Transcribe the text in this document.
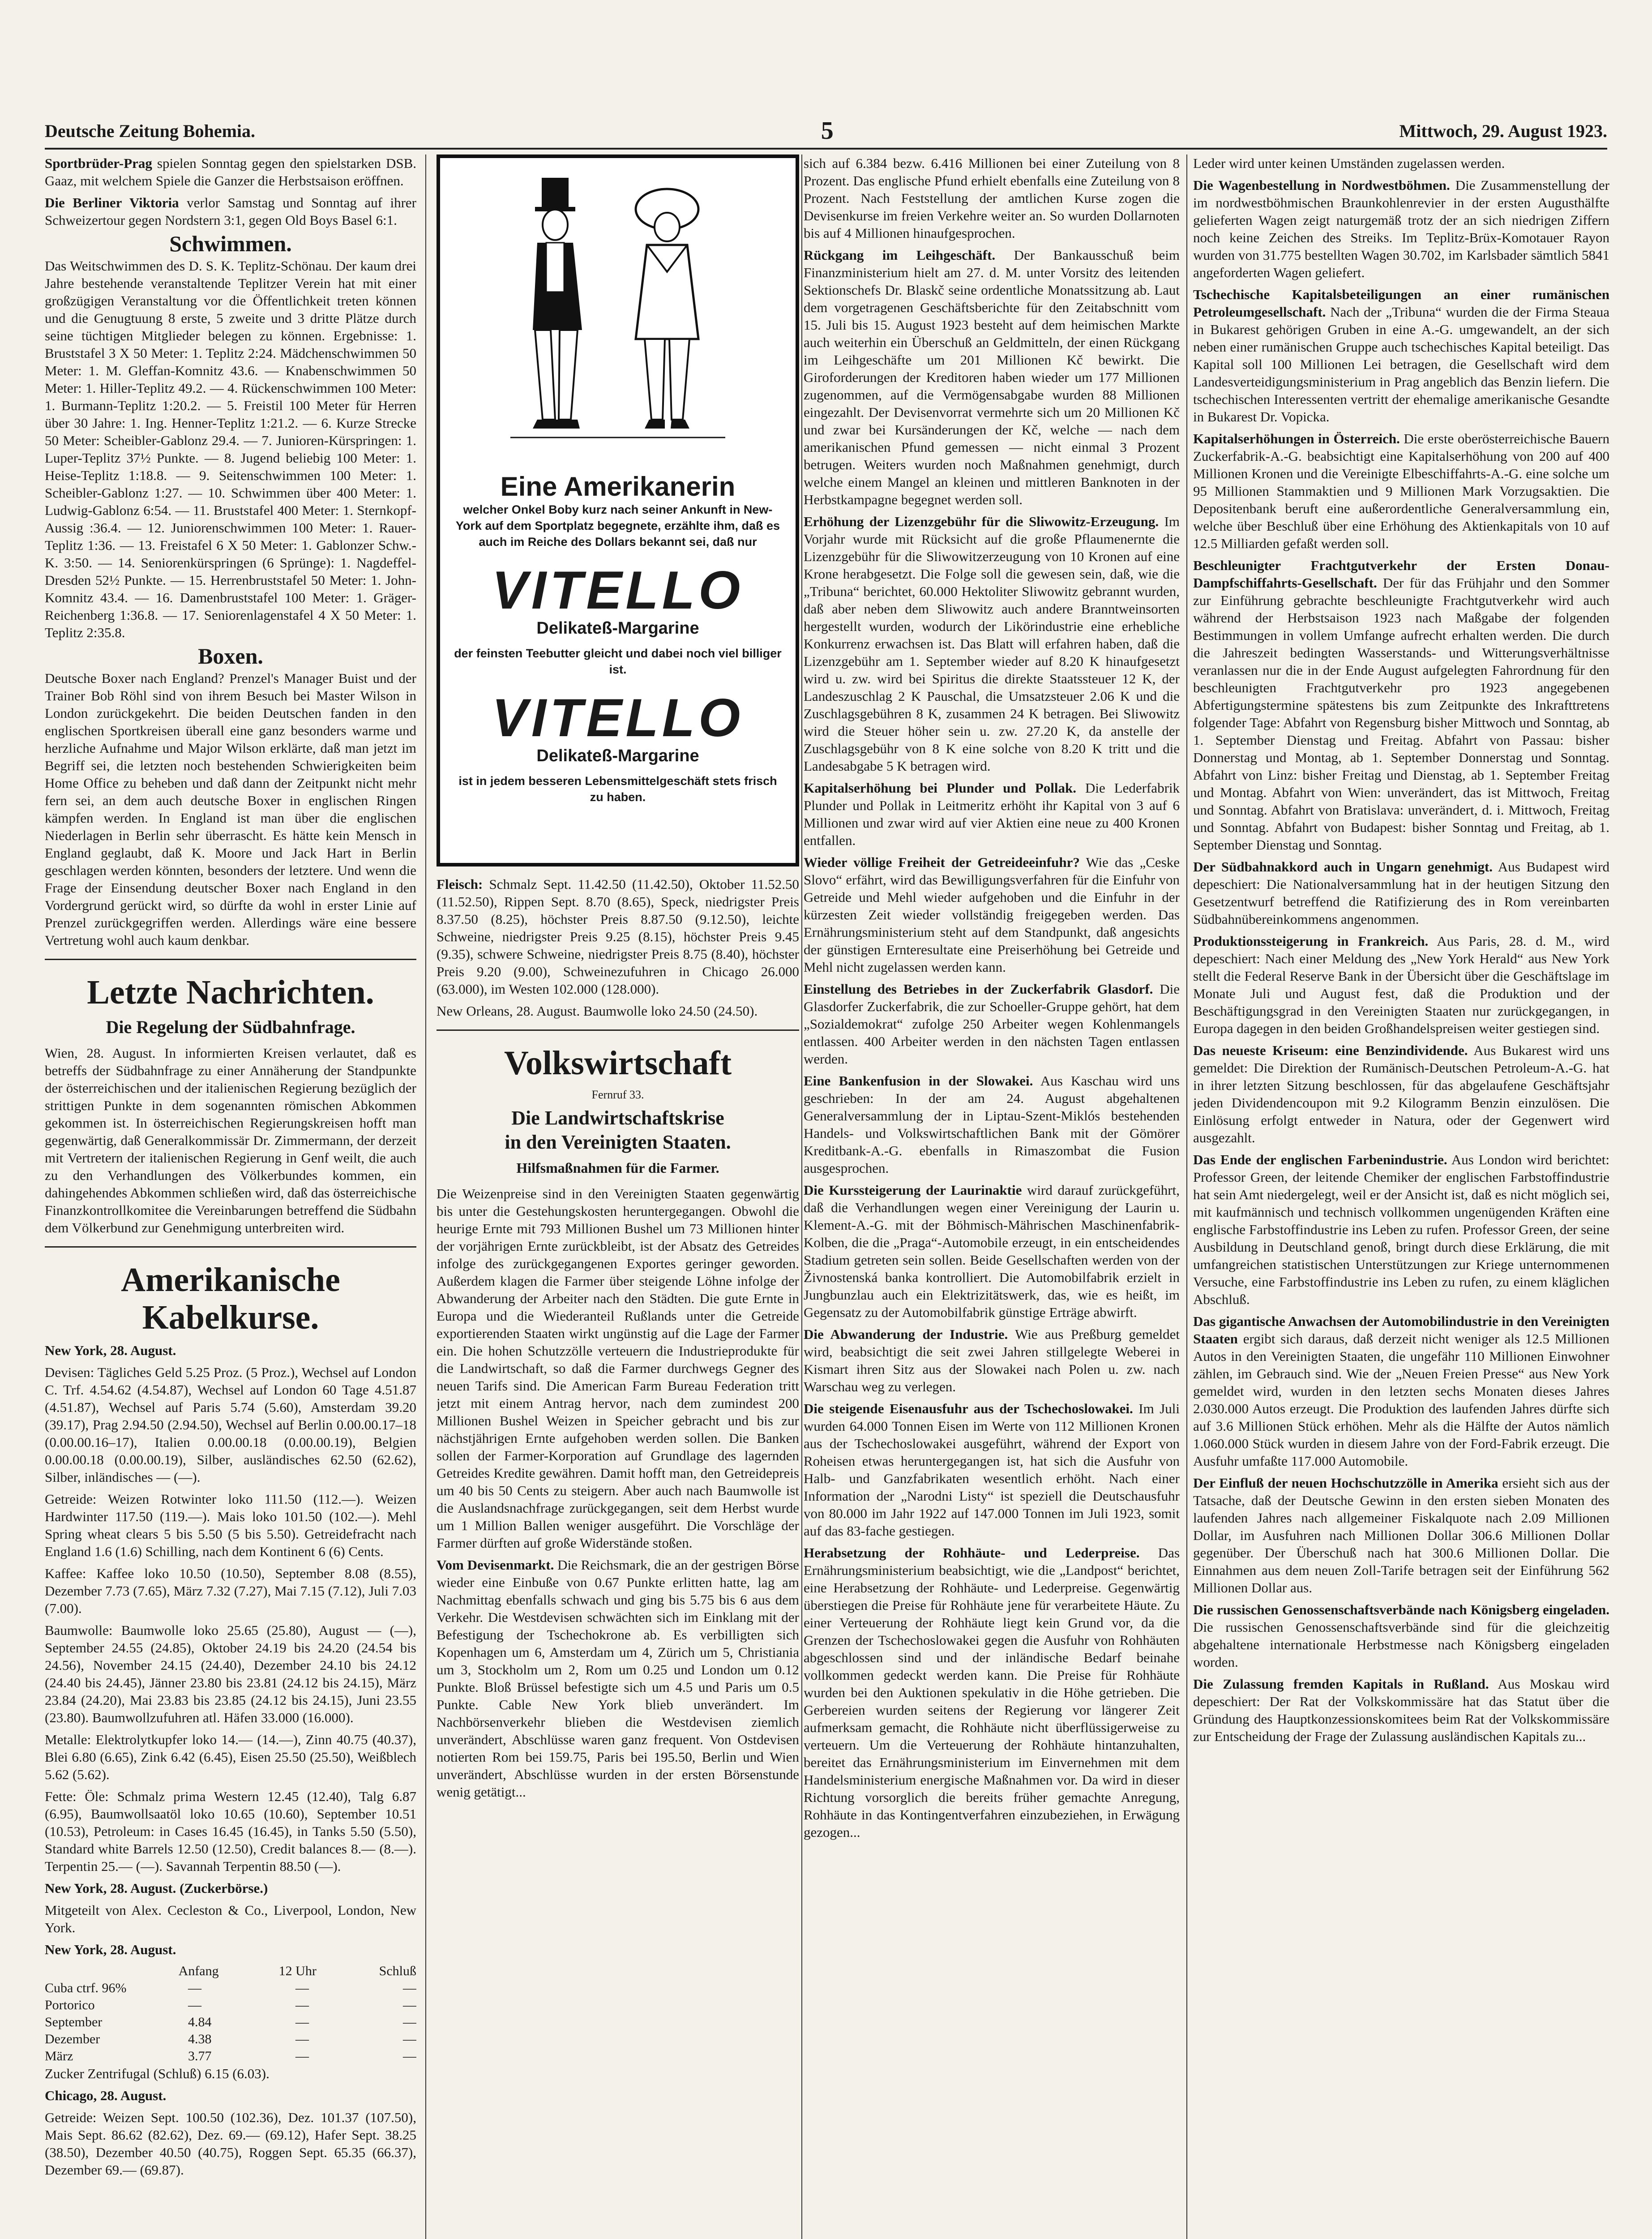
Deutsche Zeitung Bohemia.	5	Mittwoch, 29. August 1923.

Sportbrüder-Prag spielen Sonntag gegen den spielstarken DSB. Gaaz, mit welchem Spiele die Ganzer die Herbstsaison eröffnen.

Die Berliner Viktoria verlor Samstag und Sonntag auf ihrer Schweizertour gegen Nordstern 3:1, gegen Old Boys Basel 6:1.

Schwimmen.

Das Weitschwimmen des D. S. K. Teplitz-Schönau. Der kaum drei Jahre bestehende veranstaltende Teplitzer Verein hat mit einer großzügigen Veranstaltung vor die Öffentlichkeit treten können und die Genugtuung 8 erste, 5 zweite und 3 dritte Plätze durch seine tüchtigen Mitglieder belegen zu können. Ergebnisse: 1. Bruststafel 3 X 50 Meter: 1. Teplitz 2:24. Mädchenschwimmen 50 Meter: 1. M. Gleffan-Komnitz 43.6. — Knabenschwimmen 50 Meter: 1. Hiller-Teplitz 49.2. — 4. Rückenschwimmen 100 Meter: 1. Burmann-Teplitz 1:20.2. — 5. Freistil 100 Meter für Herren über 30 Jahre: 1. Ing. Henner-Teplitz 1:21.2. — 6. Kurze Strecke 50 Meter: Scheibler-Gablonz 29.4. — 7. Junioren-Kürspringen: 1. Luper-Teplitz 37½ Punkte. — 8. Jugend beliebig 100 Meter: 1. Heise-Teplitz 1:18.8. — 9. Seitenschwimmen 100 Meter: 1. Scheibler-Gablonz 1:27. — 10. Schwimmen über 400 Meter: 1. Ludwig-Gablonz 6:54. — 11. Bruststafel 400 Meter: 1. Sternkopf-Aussig :36.4. — 12. Juniorenschwimmen 100 Meter: 1. Rauer-Teplitz 1:36. — 13. Freistafel 6 X 50 Meter: 1. Gablonzer Schw.-K. 3:50. — 14. Seniorenkürspringen (6 Sprünge): 1. Nagdeffel-Dresden 52½ Punkte. — 15. Herrenbruststafel 50 Meter: 1. John-Komnitz 43.4. — 16. Damenbruststafel 100 Meter: 1. Gräger-Reichenberg 1:36.8. — 17. Seniorenlagenstafel 4 X 50 Meter: 1. Teplitz 2:35.8.

Boxen.

Deutsche Boxer nach England? Prenzel's Manager Buist und der Trainer Bob Röhl sind von ihrem Besuch bei Master Wilson in London zurückgekehrt. Die beiden Deutschen fanden in den englischen Sportkreisen überall eine ganz besonders warme und herzliche Aufnahme und Major Wilson erklärte, daß man jetzt im Begriff sei, die letzten noch bestehenden Schwierigkeiten beim Home Office zu beheben und daß dann der Zeitpunkt nicht mehr fern sei, an dem auch deutsche Boxer in englischen Ringen kämpfen werden. In England ist man über die englischen Niederlagen in Berlin sehr überrascht. Es hätte kein Mensch in England geglaubt, daß K. Moore und Jack Hart in Berlin geschlagen werden könnten, besonders der letztere. Und wenn die Frage der Einsendung deutscher Boxer nach England in den Vordergrund gerückt wird, so dürfte da wohl in erster Linie auf Prenzel zurückgegriffen werden. Allerdings wäre eine bessere Vertretung wohl auch kaum denkbar.

Letzte Nachrichten.
Die Regelung der Südbahnfrage.

Wien, 28. August. In informierten Kreisen verlautet, daß es betreffs der Südbahnfrage zu einer Annäherung der Standpunkte der österreichischen und der italienischen Regierung bezüglich der strittigen Punkte in dem sogenannten römischen Abkommen gekommen ist. In österreichischen Regierungskreisen hofft man gegenwärtig, daß Generalkommissär Dr. Zimmermann, der derzeit mit Vertretern der italienischen Regierung in Genf weilt, die auch zu den Verhandlungen des Völkerbundes kommen, ein dahingehendes Abkommen schließen wird, daß das österreichische Finanzkontrollkomitee die Vereinbarungen betreffend die Südbahn dem Völkerbund zur Genehmigung unterbreiten wird.

Amerikanische Kabelkurse.

New York, 28. August.

Devisen: Tägliches Geld 5.25 Proz. (5 Proz.), Wechsel auf London C. Trf. 4.54.62 (4.54.87), Wechsel auf London 60 Tage 4.51.87 (4.51.87), Wechsel auf Paris 5.74 (5.60), Amsterdam 39.20 (39.17), Prag 2.94.50 (2.94.50), Wechsel auf Berlin 0.00.00.17–18 (0.00.00.16–17), Italien 0.00.00.18 (0.00.00.19), Belgien 0.00.00.18 (0.00.00.19), Silber, ausländisches 62.50 (62.62), Silber, inländisches — (—).

Getreide: Weizen Rotwinter loko 111.50 (112.—). Weizen Hardwinter 117.50 (119.—). Mais loko 101.50 (102.—). Mehl Spring wheat clears 5 bis 5.50 (5 bis 5.50). Getreidefracht nach England 1.6 (1.6) Schilling, nach dem Kontinent 6 (6) Cents.

Kaffee: Kaffee loko 10.50 (10.50), September 8.08 (8.55), Dezember 7.73 (7.65), März 7.32 (7.27), Mai 7.15 (7.12), Juli 7.03 (7.00).

Baumwolle: Baumwolle loko 25.65 (25.80), August — (—), September 24.55 (24.85), Oktober 24.19 bis 24.20 (24.54 bis 24.56), November 24.15 (24.40), Dezember 24.10 bis 24.12 (24.40 bis 24.45), Jänner 23.80 bis 23.81 (24.12 bis 24.15), März 23.84 (24.20), Mai 23.83 bis 23.85 (24.12 bis 24.15), Juni 23.55 (23.80). Baumwollzufuhren atl. Häfen 33.000 (16.000).

Metalle: Elektrolytkupfer loko 14.— (14.—), Zinn 40.75 (40.37), Blei 6.80 (6.65), Zink 6.42 (6.45), Eisen 25.50 (25.50), Weißblech 5.62 (5.62).

Fette: Öle: Schmalz prima Western 12.45 (12.40), Talg 6.87 (6.95), Baumwollsaatöl loko 10.65 (10.60), September 10.51 (10.53), Petroleum: in Cases 16.45 (16.45), in Tanks 5.50 (5.50), Standard white Barrels 12.50 (12.50), Credit balances 8.— (8.—). Terpentin 25.— (—). Savannah Terpentin 88.50 (—).

New York, 28. August. (Zuckerbörse.)

Mitgeteilt von Alex. Cecleston & Co., Liverpool, London, New York.

New York, 28. August.

Anfang	12 Uhr	Schluß
Cuba ctrf. 96%	—	—	—
Portorico	—	—	—
September	4.84	—	—
Dezember	4.38	—	—
März	3.77	—	—

Zucker Zentrifugal (Schluß) 6.15 (6.03).

Chicago, 28. August.

Getreide: Weizen Sept. 100.50 (102.36), Dez. 101.37 (107.50), Mais Sept. 86.62 (82.62), Dez. 69.— (69.12), Hafer Sept. 38.25 (38.50), Dezember 40.50 (40.75), Roggen Sept. 65.35 (66.37), Dezember 69.— (69.87).

Eine Amerikanerin
welcher Onkel Boby kurz nach seiner Ankunft in New-York auf dem Sportplatz begegnete, erzählte ihm, daß es auch im Reiche des Dollars bekannt sei, daß nur
VITELLO
Delikateß-Margarine
der feinsten Teebutter gleicht und dabei noch viel billiger ist.
VITELLO
Delikateß-Margarine
ist in jedem besseren Lebensmittelgeschäft stets frisch zu haben.

Fleisch: Schmalz Sept. 11.42.50 (11.42.50), Oktober 11.52.50 (11.52.50), Rippen Sept. 8.70 (8.65), Speck, niedrigster Preis 8.37.50 (8.25), höchster Preis 8.87.50 (9.12.50), leichte Schweine, niedrigster Preis 9.25 (8.15), höchster Preis 9.45 (9.35), schwere Schweine, niedrigster Preis 8.75 (8.40), höchster Preis 9.20 (9.00), Schweinezufuhren in Chicago 26.000 (63.000), im Westen 102.000 (128.000).

New Orleans, 28. August. Baumwolle loko 24.50 (24.50).

Volkswirtschaft

Fernruf 33.

Die Landwirtschaftskrise

in den Vereinigten Staaten.

Hilfsmaßnahmen für die Farmer.

Die Weizenpreise sind in den Vereinigten Staaten gegenwärtig bis unter die Gestehungskosten heruntergegangen. Obwohl die heurige Ernte mit 793 Millionen Bushel um 73 Millionen hinter der vorjährigen Ernte zurückbleibt, ist der Absatz des Getreides infolge des zurückgegangenen Exportes geringer geworden. Außerdem klagen die Farmer über steigende Löhne infolge der Abwanderung der Arbeiter nach den Städten. Die gute Ernte in Europa und die Wiederanteil Rußlands unter die Getreide exportierenden Staaten wirkt ungünstig auf die Lage der Farmer ein. Die hohen Schutzzölle verteuern die Industrieprodukte für die Landwirtschaft, so daß die Farmer durchwegs Gegner des neuen Tarifs sind. Die American Farm Bureau Federation tritt jetzt mit einem Antrag hervor, nach dem zumindest 200 Millionen Bushel Weizen in Speicher gebracht und bis zur nächstjährigen Ernte aufgehoben werden sollen. Die Banken sollen der Farmer-Korporation auf Grundlage des lagernden Getreides Kredite gewähren. Damit hofft man, den Getreidepreis um 40 bis 50 Cents zu steigern. Aber auch nach Baumwolle ist die Auslandsnachfrage zurückgegangen, seit dem Herbst wurde um 1 Million Ballen weniger ausgeführt. Die Vorschläge der Farmer dürften auf große Widerstände stoßen.

Vom Devisenmarkt. Die Reichsmark, die an der gestrigen Börse wieder eine Einbuße von 0.67 Punkte erlitten hatte, lag am Nachmittag ebenfalls schwach und ging bis 5.75 bis 6 aus dem Verkehr. Die Westdevisen schwächten sich im Einklang mit der Befestigung der Tschechokrone ab. Es verbilligten sich Kopenhagen um 6, Amsterdam um 4, Zürich um 5, Christiania um 3, Stockholm um 2, Rom um 0.25 und London um 0.12 Punkte. Bloß Brüssel befestigte sich um 4.5 und Paris um 0.5 Punkte. Cable New York blieb unverändert. Im Nachbörsenverkehr blieben die Westdevisen ziemlich unverändert, Abschlüsse waren ganz frequent. Von Ostdevisen notierten Rom bei 159.75, Paris bei 195.50, Berlin und Wien unverändert, Abschlüsse wurden in der ersten Börsenstunde wenig getätigt...

sich auf 6.384 bezw. 6.416 Millionen bei einer Zuteilung von 8 Prozent. Das englische Pfund erhielt ebenfalls eine Zuteilung von 8 Prozent. Nach Feststellung der amtlichen Kurse zogen die Devisenkurse im freien Verkehre weiter an. So wurden Dollarnoten bis auf 4 Millionen hinaufgesprochen.

Rückgang im Leihgeschäft. Der Bankausschuß beim Finanzministerium hielt am 27. d. M. unter Vorsitz des leitenden Sektionschefs Dr. Blaskč seine ordentliche Monatssitzung ab. Laut dem vorgetragenen Geschäftsberichte für den Zeitabschnitt vom 15. Juli bis 15. August 1923 besteht auf dem heimischen Markte auch weiterhin ein Überschuß an Geldmitteln, der einen Rückgang im Leihgeschäfte um 201 Millionen Kč bewirkt. Die Giroforderungen der Kreditoren haben wieder um 177 Millionen zugenommen, auf die Vermögensabgabe wurden 88 Millionen eingezahlt. Der Devisenvorrat vermehrte sich um 20 Millionen Kč und zwar bei Kursänderungen der Kč, welche — nach dem amerikanischen Pfund gemessen — nicht einmal 3 Prozent betrugen. Weiters wurden noch Maßnahmen genehmigt, durch welche einem Mangel an kleinen und mittleren Banknoten in der Herbstkampagne begegnet werden soll.

Erhöhung der Lizenzgebühr für die Sliwowitz-Erzeugung. Im Vorjahr wurde mit Rücksicht auf die große Pflaumenernte die Lizenzgebühr für die Sliwowitzerzeugung von 10 Kronen auf eine Krone herabgesetzt. Die Folge soll die gewesen sein, daß, wie die „Tribuna“ berichtet, 60.000 Hektoliter Sliwowitz gebrannt wurden, daß aber neben dem Sliwowitz auch andere Branntweinsorten hergestellt wurden, wodurch der Likörindustrie eine erhebliche Konkurrenz erwachsen ist. Das Blatt will erfahren haben, daß die Lizenzgebühr am 1. September wieder auf 8.20 K hinaufgesetzt wird u. zw. wird bei Spiritus die direkte Staatssteuer 12 K, der Landeszuschlag 2 K Pauschal, die Umsatzsteuer 2.06 K und die Zuschlagsgebühren 8 K, zusammen 24 K betragen. Bei Sliwowitz wird die Steuer höher sein u. zw. 27.20 K, da anstelle der Zuschlagsgebühr von 8 K eine solche von 8.20 K tritt und die Landesabgabe 5 K betragen wird.

Kapitalserhöhung bei Plunder und Pollak. Die Lederfabrik Plunder und Pollak in Leitmeritz erhöht ihr Kapital von 3 auf 6 Millionen und zwar wird auf vier Aktien eine neue zu 400 Kronen entfallen.

Wieder völlige Freiheit der Getreideeinfuhr? Wie das „Ceske Slovo“ erfährt, wird das Bewilligungsverfahren für die Einfuhr von Getreide und Mehl wieder aufgehoben und die Einfuhr in der kürzesten Zeit wieder vollständig freigegeben werden. Das Ernährungsministerium steht auf dem Standpunkt, daß angesichts der günstigen Ernteresultate eine Preiserhöhung bei Getreide und Mehl nicht zugelassen werden kann.

Einstellung des Betriebes in der Zuckerfabrik Glasdorf. Die Glasdorfer Zuckerfabrik, die zur Schoeller-Gruppe gehört, hat dem „Sozialdemokrat“ zufolge 250 Arbeiter wegen Kohlenmangels entlassen. 400 Arbeiter werden in den nächsten Tagen entlassen werden.

Eine Bankenfusion in der Slowakei. Aus Kaschau wird uns geschrieben: In der am 24. August abgehaltenen Generalversammlung der in Liptau-Szent-Miklós bestehenden Handels- und Volkswirtschaftlichen Bank mit der Gömörer Kreditbank-A.-G. ebenfalls in Rimaszombat die Fusion ausgesprochen.

Die Kurssteigerung der Laurinaktie wird darauf zurückgeführt, daß die Verhandlungen wegen einer Vereinigung der Laurin u. Klement-A.-G. mit der Böhmisch-Mährischen Maschinenfabrik-Kolben, die die „Praga“-Automobile erzeugt, in ein entscheidendes Stadium getreten sein sollen. Beide Gesellschaften werden von der Živnostenská banka kontrolliert. Die Automobilfabrik erzielt in Jungbunzlau auch ein Elektrizitätswerk, das, wie es heißt, im Gegensatz zu der Automobilfabrik günstige Erträge abwirft.

Die Abwanderung der Industrie. Wie aus Preßburg gemeldet wird, beabsichtigt die seit zwei Jahren stillgelegte Weberei in Kismart ihren Sitz aus der Slowakei nach Polen u. zw. nach Warschau weg zu verlegen.

Die steigende Eisenausfuhr aus der Tschechoslowakei. Im Juli wurden 64.000 Tonnen Eisen im Werte von 112 Millionen Kronen aus der Tschechoslowakei ausgeführt, während der Export von Roheisen etwas heruntergegangen ist, hat sich die Ausfuhr von Halb- und Ganzfabrikaten wesentlich erhöht. Nach einer Information der „Narodni Listy“ ist speziell die Deutschausfuhr von 80.000 im Jahr 1922 auf 147.000 Tonnen im Juli 1923, somit auf das 83-fache gestiegen.

Herabsetzung der Rohhäute- und Lederpreise. Das Ernährungsministerium beabsichtigt, wie die „Landpost“ berichtet, eine Herabsetzung der Rohhäute- und Lederpreise. Gegenwärtig überstiegen die Preise für Rohhäute jene für verarbeitete Häute. Zu einer Verteuerung der Rohhäute liegt kein Grund vor, da die Grenzen der Tschechoslowakei gegen die Ausfuhr von Rohhäuten abgeschlossen sind und der inländische Bedarf beinahe vollkommen gedeckt werden kann. Die Preise für Rohhäute wurden bei den Auktionen spekulativ in die Höhe getrieben. Die Gerbereien wurden seitens der Regierung vor längerer Zeit aufmerksam gemacht, die Rohhäute nicht überflüssigerweise zu verteuern. Um die Verteuerung der Rohhäute hintanzuhalten, bereitet das Ernährungsministerium im Einvernehmen mit dem Handelsministerium energische Maßnahmen vor. Da wird in dieser Richtung vorsorglich die bereits früher gemachte Anregung, Rohhäute in das Kontingentverfahren einzubeziehen, in Erwägung gezogen...

Leder wird unter keinen Umständen zugelassen werden.

Die Wagenbestellung in Nordwestböhmen. Die Zusammenstellung der im nordwestböhmischen Braunkohlenrevier in der ersten Augusthälfte gelieferten Wagen zeigt naturgemäß trotz der an sich niedrigen Ziffern noch keine Zeichen des Streiks. Im Teplitz-Brüx-Komotauer Rayon wurden von 31.775 bestellten Wagen 30.702, im Karlsbader sämtlich 5841 angeforderten Wagen geliefert.

Tschechische Kapitalsbeteiligungen an einer rumänischen Petroleumgesellschaft. Nach der „Tribuna“ wurden die der Firma Steaua in Bukarest gehörigen Gruben in eine A.-G. umgewandelt, an der sich neben einer rumänischen Gruppe auch tschechisches Kapital beteiligt. Das Kapital soll 100 Millionen Lei betragen, die Gesellschaft wird dem Landesverteidigungsministerium in Prag angeblich das Benzin liefern. Die tschechischen Interessenten vertritt der ehemalige amerikanische Gesandte in Bukarest Dr. Vopicka.

Kapitalserhöhungen in Österreich. Die erste oberösterreichische Bauern Zuckerfabrik-A.-G. beabsichtigt eine Kapitalserhöhung von 200 auf 400 Millionen Kronen und die Vereinigte Elbeschiffahrts-A.-G. eine solche um 95 Millionen Stammaktien und 9 Millionen Mark Vorzugsaktien. Die Depositenbank beruft eine außerordentliche Generalversammlung ein, welche über Beschluß über eine Erhöhung des Aktienkapitals von 10 auf 12.5 Milliarden gefaßt werden soll.

Beschleunigter Frachtgutverkehr der Ersten Donau-Dampfschiffahrts-Gesellschaft. Der für das Frühjahr und den Sommer zur Einführung gebrachte beschleunigte Frachtgutverkehr wird auch während der Herbstsaison 1923 nach Maßgabe der folgenden Bestimmungen in vollem Umfange aufrecht erhalten werden. Die durch die Jahreszeit bedingten Wasserstands- und Witterungsverhältnisse veranlassen nur die in der Ende August aufgelegten Fahrordnung für den beschleunigten Frachtgutverkehr pro 1923 angegebenen Abfertigungstermine spätestens bis zum Zeitpunkte des Inkrafttretens folgender Tage: Abfahrt von Regensburg bisher Mittwoch und Sonntag, ab 1. September Dienstag und Freitag. Abfahrt von Passau: bisher Donnerstag und Montag, ab 1. September Donnerstag und Sonntag. Abfahrt von Linz: bisher Freitag und Dienstag, ab 1. September Freitag und Montag. Abfahrt von Wien: unverändert, das ist Mittwoch, Freitag und Sonntag. Abfahrt von Bratislava: unverändert, d. i. Mittwoch, Freitag und Sonntag. Abfahrt von Budapest: bisher Sonntag und Freitag, ab 1. September Dienstag und Sonntag.

Der Südbahnakkord auch in Ungarn genehmigt. Aus Budapest wird depeschiert: Die Nationalversammlung hat in der heutigen Sitzung den Gesetzentwurf betreffend die Ratifizierung des in Rom vereinbarten Südbahnübereinkommens angenommen.

Produktionssteigerung in Frankreich. Aus Paris, 28. d. M., wird depeschiert: Nach einer Meldung des „New York Herald“ aus New York stellt die Federal Reserve Bank in der Übersicht über die Geschäftslage im Monate Juli und August fest, daß die Produktion und der Beschäftigungsgrad in den Vereinigten Staaten nur zurückgegangen, in Europa dagegen in den beiden Großhandelspreisen weiter gestiegen sind.

Das neueste Kriseum: eine Benzindividende. Aus Bukarest wird uns gemeldet: Die Direktion der Rumänisch-Deutschen Petroleum-A.-G. hat in ihrer letzten Sitzung beschlossen, für das abgelaufene Geschäftsjahr jeden Dividendencoupon mit 9.2 Kilogramm Benzin einzulösen. Die Einlösung erfolgt entweder in Natura, oder der Gegenwert wird ausgezahlt.

Das Ende der englischen Farbenindustrie. Aus London wird berichtet: Professor Green, der leitende Chemiker der englischen Farbstoffindustrie hat sein Amt niedergelegt, weil er der Ansicht ist, daß es nicht möglich sei, mit kaufmännisch und technisch vollkommen ungenügenden Kräften eine englische Farbstoffindustrie ins Leben zu rufen. Professor Green, der seine Ausbildung in Deutschland genoß, bringt durch diese Erklärung, die mit umfangreichen statistischen Unterstützungen zur Kriege unternommenen Versuche, eine Farbstoffindustrie ins Leben zu rufen, zu einem kläglichen Abschluß.

Das gigantische Anwachsen der Automobilindustrie in den Vereinigten Staaten ergibt sich daraus, daß derzeit nicht weniger als 12.5 Millionen Autos in den Vereinigten Staaten, die ungefähr 110 Millionen Einwohner zählen, im Gebrauch sind. Wie der „Neuen Freien Presse“ aus New York gemeldet wird, wurden in den letzten sechs Monaten dieses Jahres 2.030.000 Autos erzeugt. Die Produktion des laufenden Jahres dürfte sich auf 3.6 Millionen Stück erhöhen. Mehr als die Hälfte der Autos nämlich 1.060.000 Stück wurden in diesem Jahre von der Ford-Fabrik erzeugt. Die Ausfuhr umfaßte 117.000 Automobile.

Der Einfluß der neuen Hochschutzzölle in Amerika ersieht sich aus der Tatsache, daß der Deutsche Gewinn in den ersten sieben Monaten des laufenden Jahres nach allgemeiner Fiskalquote nach 2.09 Millionen Dollar, im Ausfuhren nach Millionen Dollar 306.6 Millionen Dollar gegenüber. Der Überschuß nach hat 300.6 Millionen Dollar. Die Einnahmen aus dem neuen Zoll-Tarife betragen seit der Einführung 562 Millionen Dollar aus.

Die russischen Genossenschaftsverbände nach Königsberg eingeladen. Die russischen Genossenschaftsverbände sind für die gleichzeitig abgehaltene internationale Herbstmesse nach Königsberg eingeladen worden.

Die Zulassung fremden Kapitals in Rußland. Aus Moskau wird depeschiert: Der Rat der Volkskommissäre hat das Statut über die Gründung des Hauptkonzessionskomitees beim Rat der Volkskommissäre zur Entscheidung der Frage der Zulassung ausländischen Kapitals zu...
